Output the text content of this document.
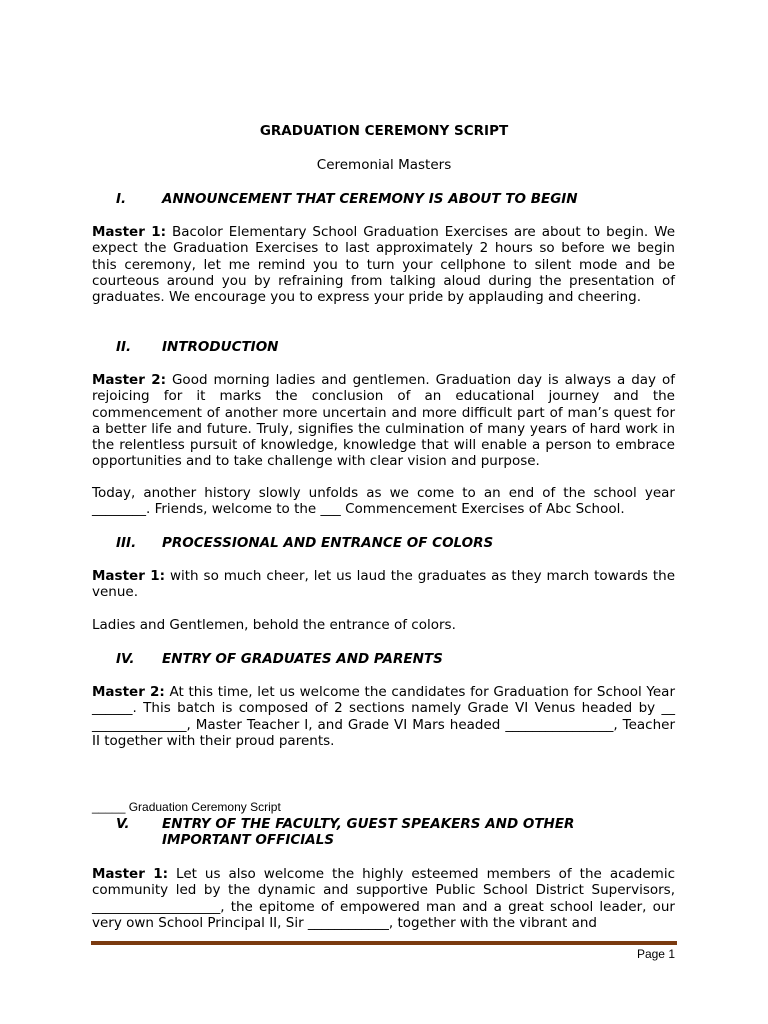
GRADUATION CEREMONY SCRIPT
Ceremonial Masters
I.	ANNOUNCEMENT THAT CEREMONY IS ABOUT TO BEGIN
Master 1: Bacolor Elementary School Graduation Exercises are about to begin. We expect the Graduation Exercises to last approximately 2 hours so before we begin this ceremony, let me remind you to turn your cellphone to silent mode and be courteous around you by refraining from talking aloud during the presentation of graduates. We encourage you to express your pride by applauding and cheering.
II. INTRODUCTION
Master 2: Good morning ladies and gentlemen. Graduation day is always a day of rejoicing for it marks the conclusion of an educational journey and the commencement of another more uncertain and more difficult part of man’s quest for a better life and future. Truly, signifies the culmination of many years of hard work in the relentless pursuit of knowledge, knowledge that will enable a person to embrace opportunities and to take challenge with clear vision and purpose.
Today, another history slowly unfolds as we come to an end of the school year ________. Friends, welcome to the ___ Commencement Exercises of Abc School.
III. PROCESSIONAL AND ENTRANCE OF COLORS
Master 1: with so much cheer, let us laud the graduates as they march towards the venue.
Ladies and Gentlemen, behold the entrance of colors.
IV. ENTRY OF GRADUATES AND PARENTS
Master 2: At this time, let us welcome the candidates for Graduation for School Year ______. This batch is composed of 2 sections namely Grade VI Venus headed by __ ______________, Master Teacher I, and Grade VI Mars headed ________________, Teacher II together with their proud parents.
_____ Graduation Ceremony Script
V. ENTRY OF THE FACULTY, GUEST SPEAKERS AND OTHER IMPORTANT OFFICIALS
Master 1: Let us also welcome the highly esteemed members of the academic community led by the dynamic and supportive Public School District Supervisors, ___________________, the epitome of empowered man and a great school leader, our very own School Principal II, Sir ____________, together with the vibrant and
Page 1
